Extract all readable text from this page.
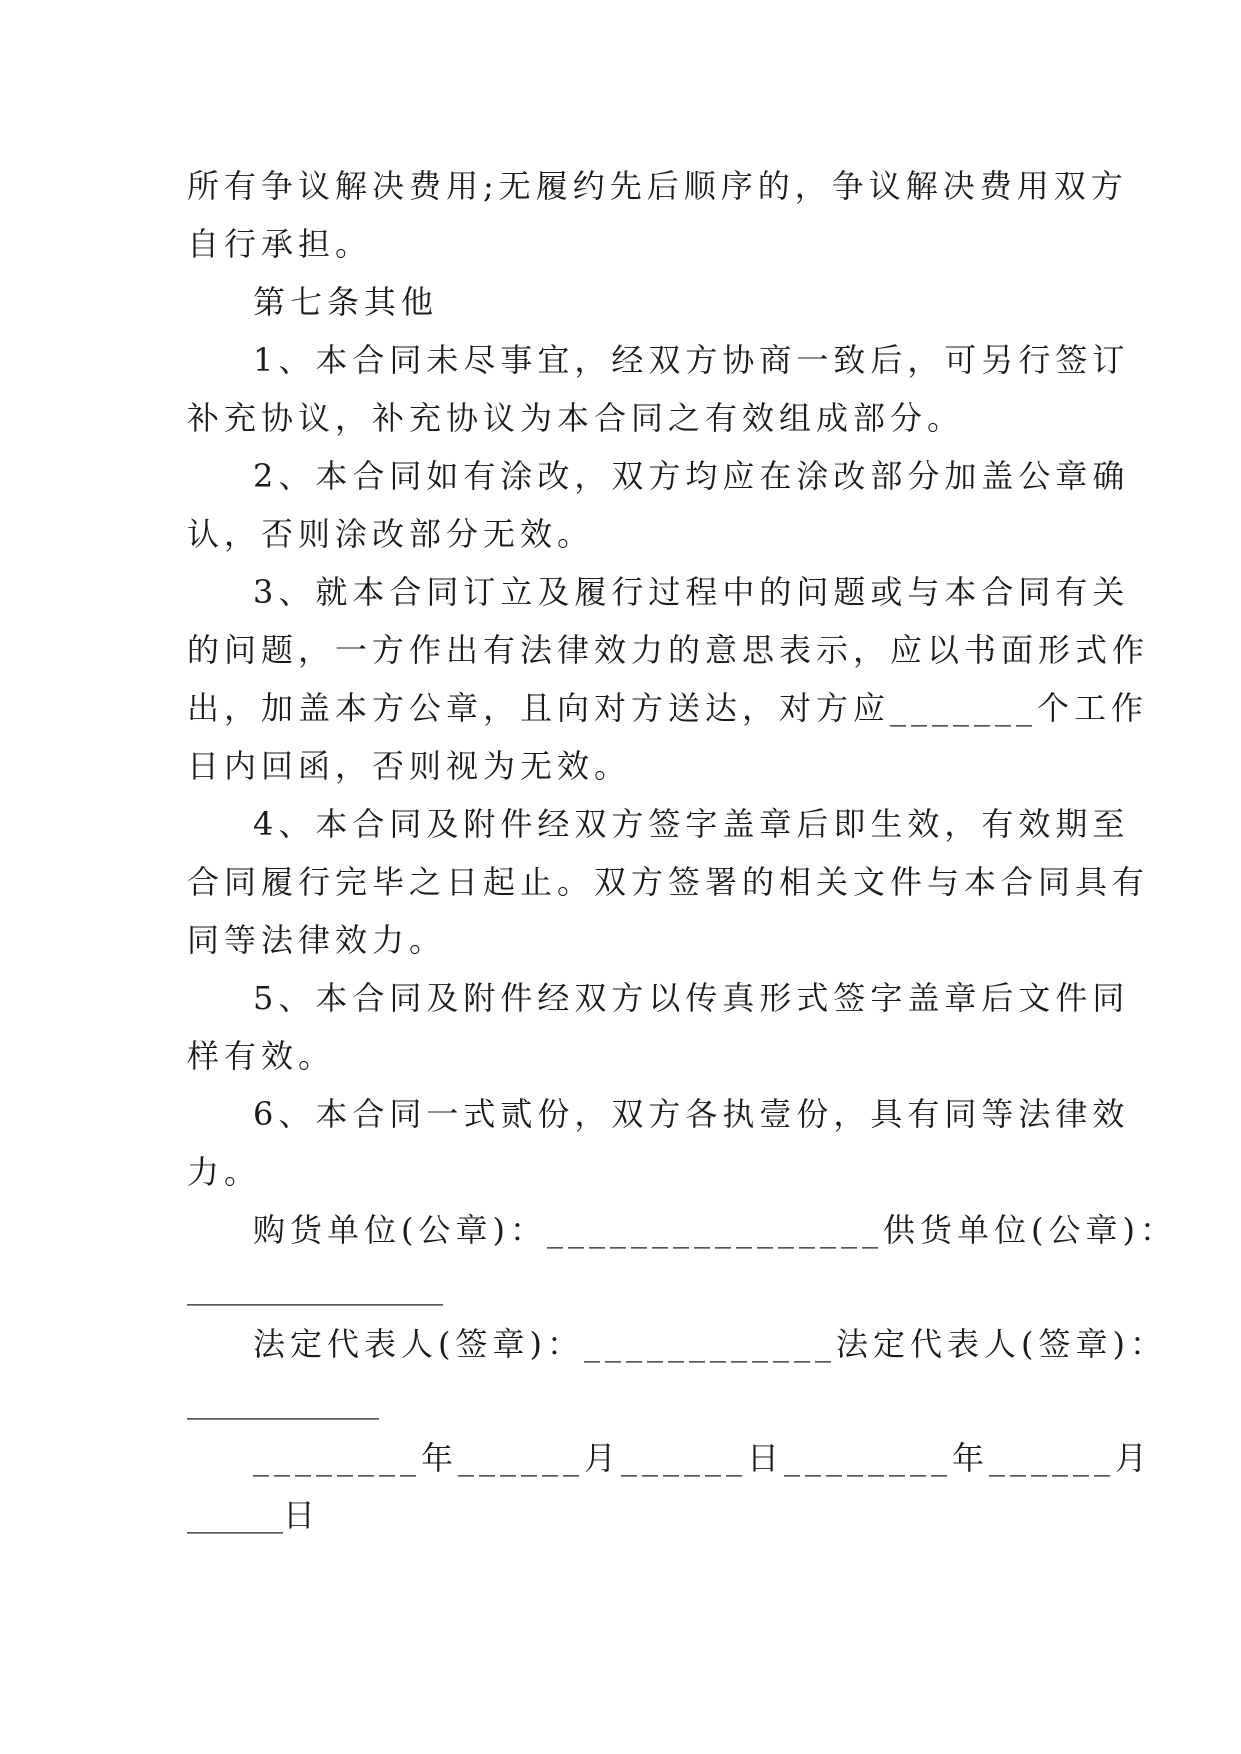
所有争议解决费用;无履约先后顺序的，争议解决费用双方
自行承担。
第七条其他
1、本合同未尽事宜，经双方协商一致后，可另行签订
补充协议，补充协议为本合同之有效组成部分。
2、本合同如有涂改，双方均应在涂改部分加盖公章确
认，否则涂改部分无效。
3、就本合同订立及履行过程中的问题或与本合同有关
的问题，一方作出有法律效力的意思表示，应以书面形式作
出，加盖本方公章，且向对方送达，对方应_______个工作
日内回函，否则视为无效。
4、本合同及附件经双方签字盖章后即生效，有效期至
合同履行完毕之日起止。双方签署的相关文件与本合同具有
同等法律效力。
5、本合同及附件经双方以传真形式签字盖章后文件同
样有效。
6、本合同一式贰份，双方各执壹份，具有同等法律效
力。
购货单位(公章)：________________供货单位(公章)：
________________
法定代表人(签章)：____________法定代表人(签章)：
____________
________年______月______日________年______月
______日
